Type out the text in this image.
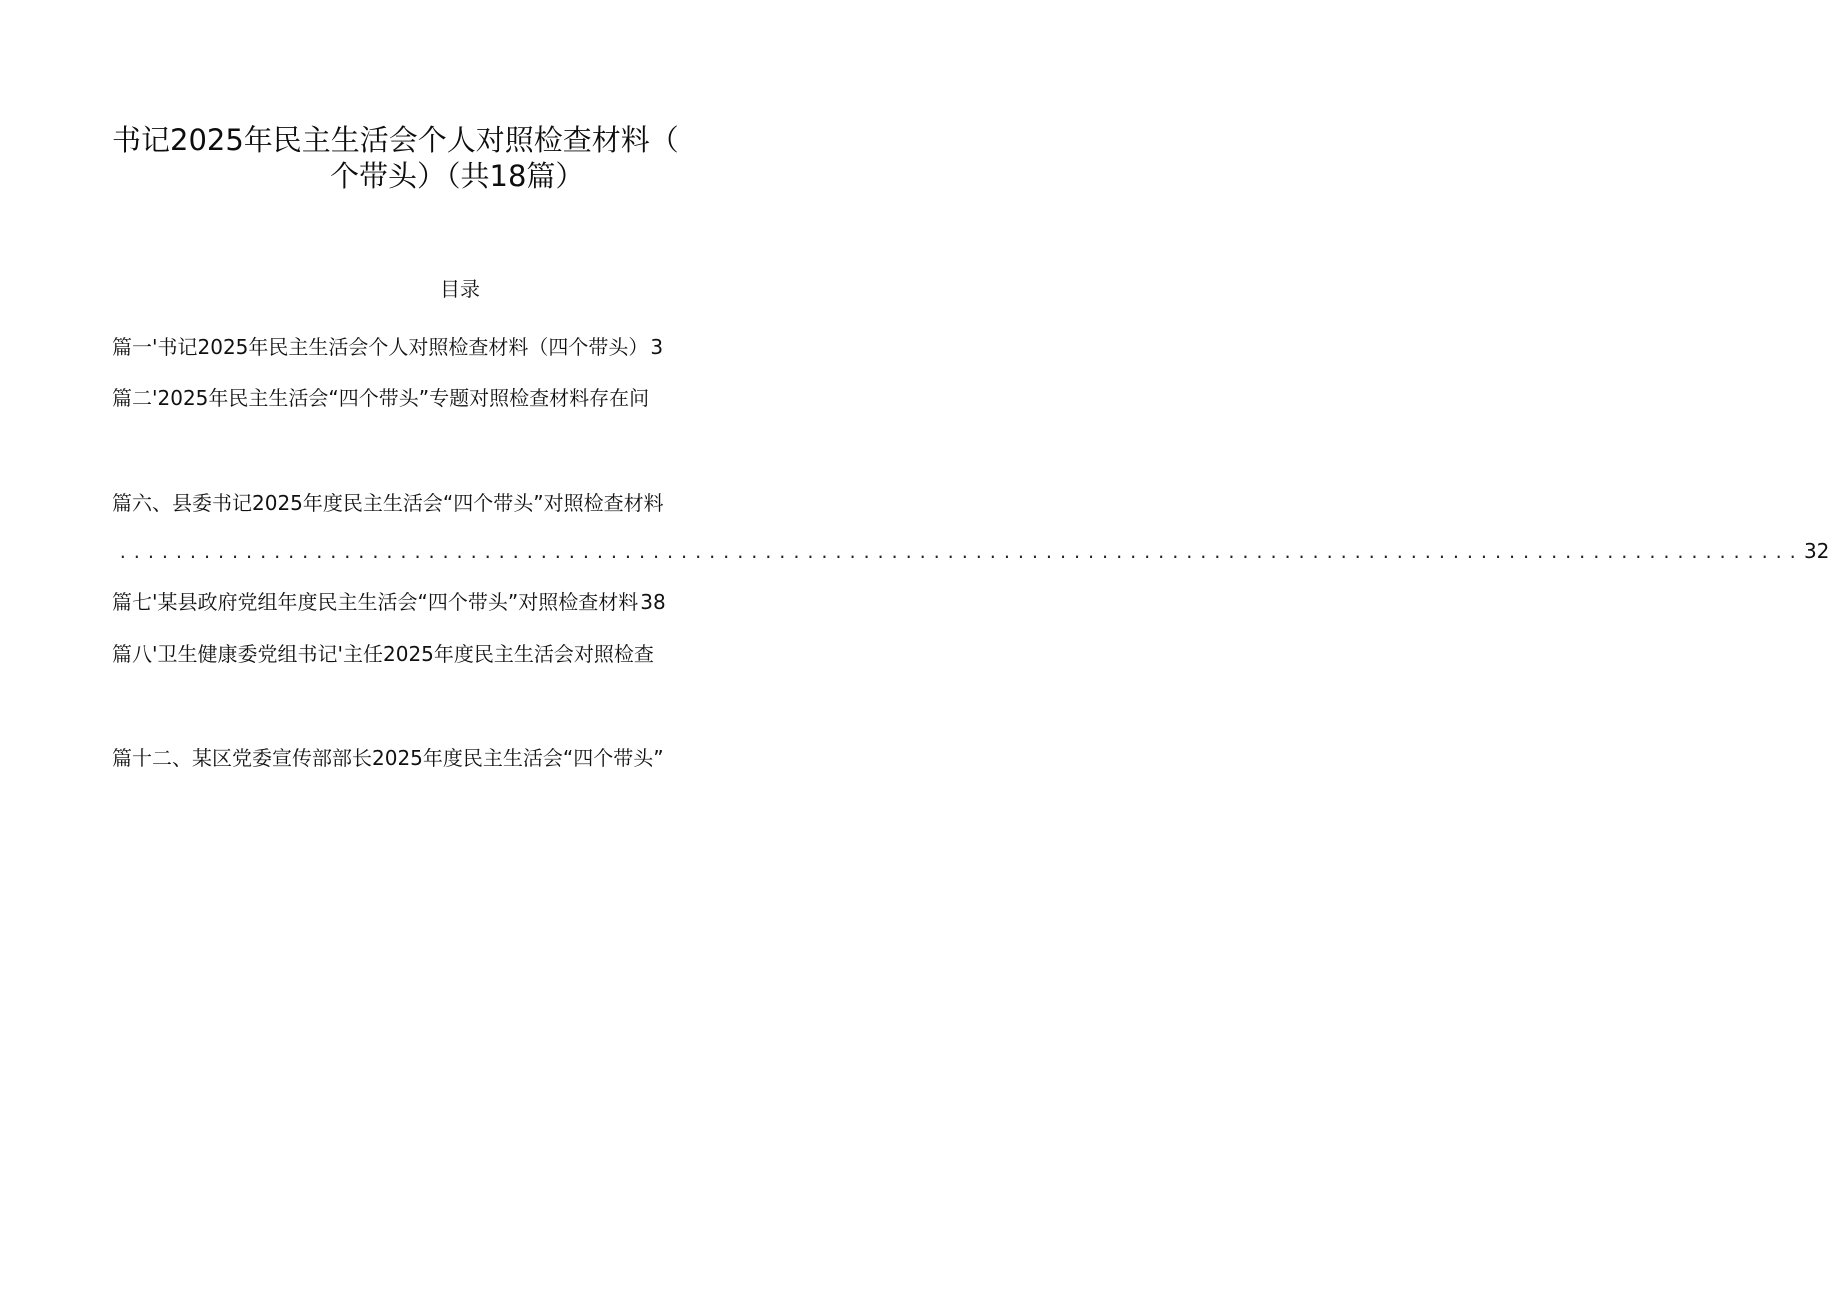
书记2025年民主生活会个人对照检查材料（
个带头）（共18篇）
目录
篇一'书记2025年民主生活会个人对照检查材料（四个带头） 3
篇二'2025年民主生活会“四个带头”专题对照检查材料存在问
篇六、县委书记2025年度民主生活会“四个带头”对照检查材料
........................................................................................................................ 32
篇七'某县政府党组年度民主生活会“四个带头”对照检查材料 38
篇八'卫生健康委党组书记'主任2025年度民主生活会对照检查
篇十二、某区党委宣传部部长2025年度民主生活会“四个带头”
